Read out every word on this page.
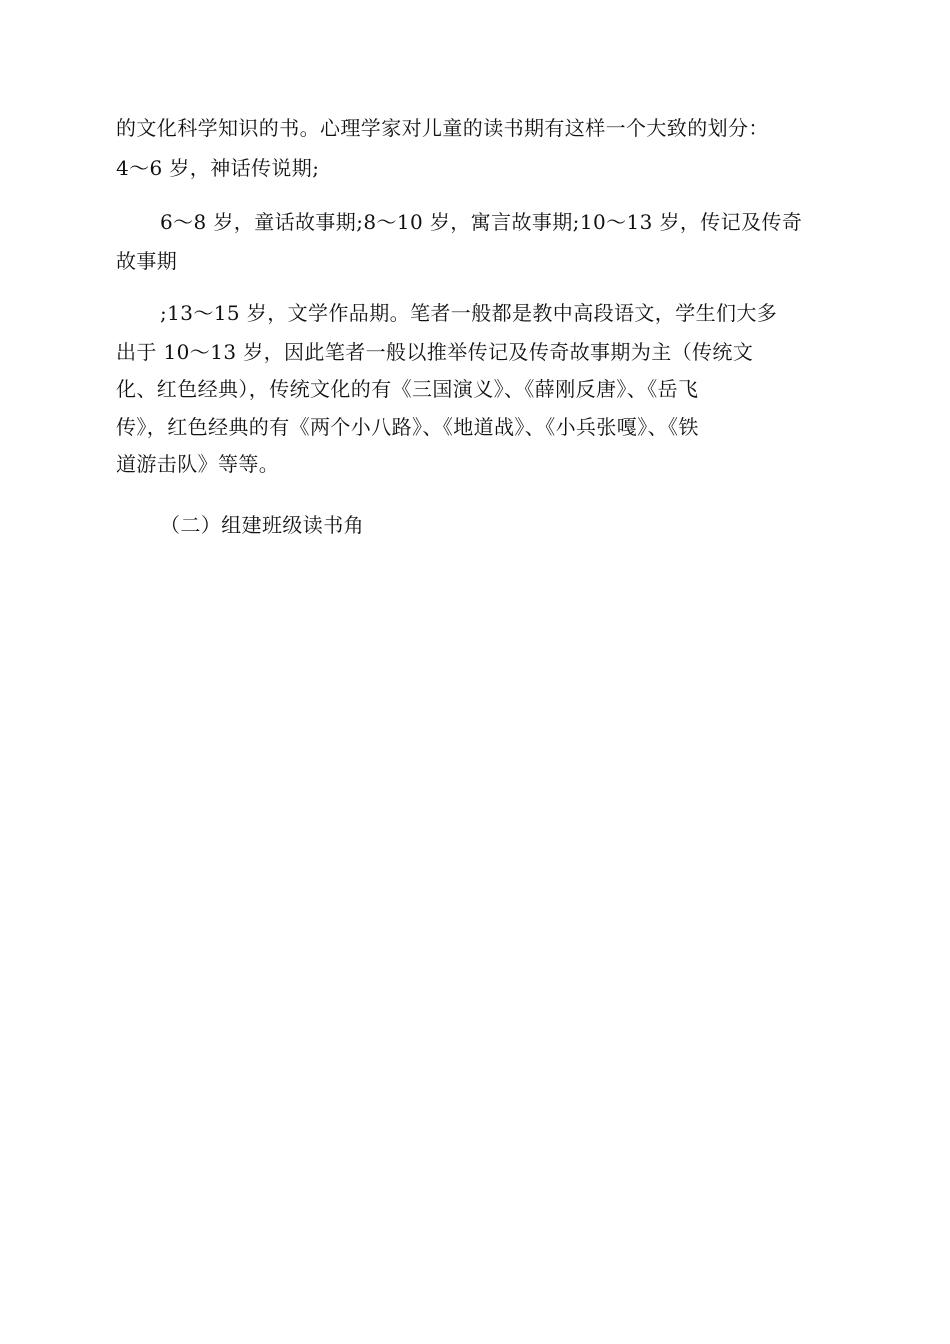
的文化科学知识的书。心理学家对儿童的读书期有这样一个大致的划分：
4～6 岁，神话传说期;
6～8 岁，童话故事期;8～10 岁，寓言故事期;10～13 岁，传记及传奇
故事期
;13～15 岁，文学作品期。笔者一般都是教中高段语文，学生们大多
出于 10～13 岁，因此笔者一般以推举传记及传奇故事期为主（传统文
化、红色经典），传统文化的有《三国演义》、《薛刚反唐》、《岳飞
传》，红色经典的有《两个小八路》、《地道战》、《小兵张嘎》、《铁
道游击队》等等。
（二）组建班级读书角
